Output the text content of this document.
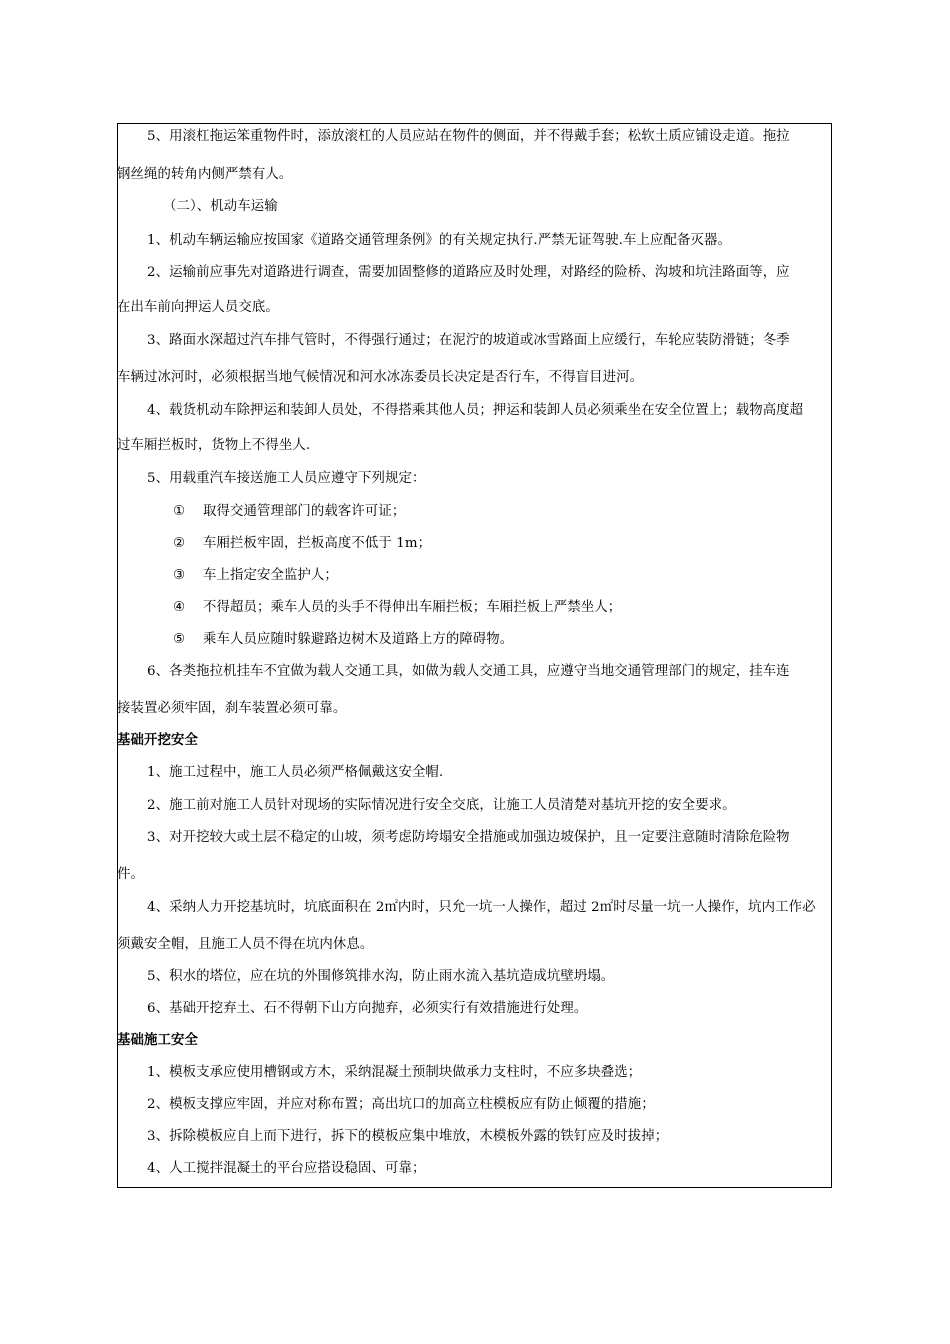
5、用滚杠拖运笨重物件时，添放滚杠的人员应站在物件的侧面，并不得戴手套；松软土质应铺设走道。拖拉
钢丝绳的转角内侧严禁有人。
（二）、机动车运输
1、机动车辆运输应按国家《道路交通管理条例》的有关规定执行.严禁无证驾驶.车上应配备灭器。
2、运输前应事先对道路进行调查，需要加固整修的道路应及时处理，对路经的险桥、沟坡和坑洼路面等，应
在出车前向押运人员交底。
3、路面水深超过汽车排气管时，不得强行通过；在泥泞的坡道或冰雪路面上应缓行，车轮应装防滑链；冬季
车辆过冰河时，必须根据当地气候情况和河水冰冻委员长决定是否行车，不得盲目进河。
4、载货机动车除押运和装卸人员处，不得搭乘其他人员；押运和装卸人员必须乘坐在安全位置上；载物高度超
过车厢拦板时，货物上不得坐人.
5、用载重汽车接送施工人员应遵守下列规定：
① 取得交通管理部门的载客许可证；
② 车厢拦板牢固，拦板高度不低于 1m；
③ 车上指定安全监护人；
④ 不得超员；乘车人员的头手不得伸出车厢拦板；车厢拦板上严禁坐人；
⑤ 乘车人员应随时躲避路边树木及道路上方的障碍物。
6、各类拖拉机挂车不宜做为载人交通工具，如做为载人交通工具，应遵守当地交通管理部门的规定，挂车连
接装置必须牢固，刹车装置必须可靠。
基础开挖安全
1、施工过程中，施工人员必须严格佩戴这安全帽.
2、施工前对施工人员针对现场的实际情况进行安全交底，让施工人员清楚对基坑开挖的安全要求。
3、对开挖较大或土层不稳定的山坡，须考虑防垮塌安全措施或加强边坡保护，且一定要注意随时清除危险物
件。
4、采纳人力开挖基坑时，坑底面积在 2㎡内时，只允一坑一人操作，超过 2㎡时尽量一坑一人操作，坑内工作必
须戴安全帽，且施工人员不得在坑内休息。
5、积水的塔位，应在坑的外围修筑排水沟，防止雨水流入基坑造成坑壁坍塌。
6、基础开挖弃土、石不得朝下山方向抛弃，必须实行有效措施进行处理。
基础施工安全
1、模板支承应使用槽钢或方木，采纳混凝土预制块做承力支柱时，不应多块叠选；
2、模板支撑应牢固，并应对称布置；高出坑口的加高立柱模板应有防止倾覆的措施；
3、拆除模板应自上而下进行，拆下的模板应集中堆放，木模板外露的铁钉应及时拔掉；
4、人工搅拌混凝土的平台应搭设稳固、可靠；
